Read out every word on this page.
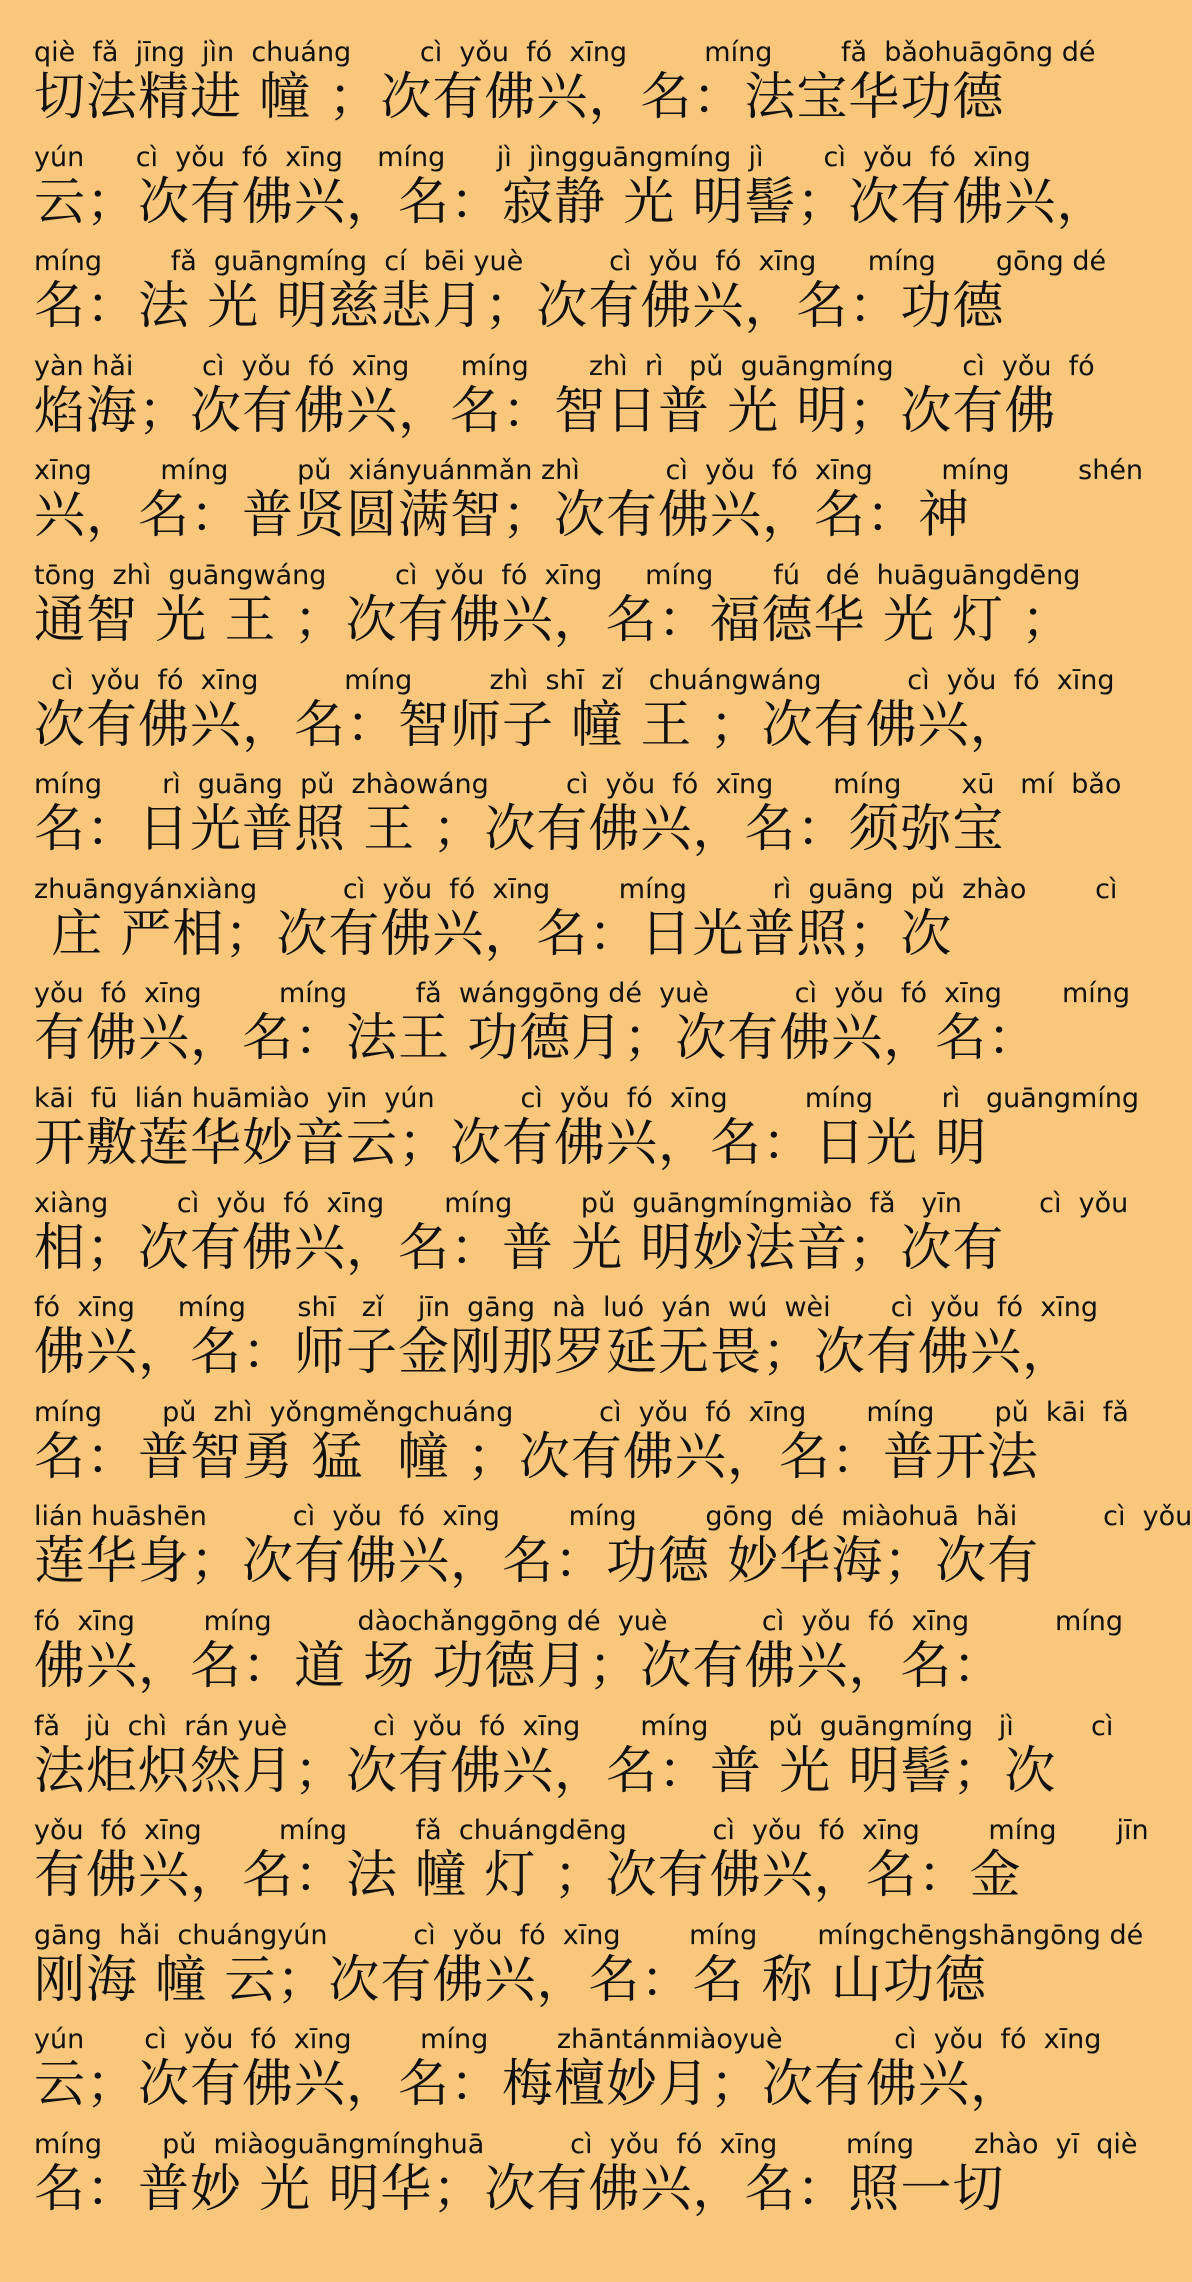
qiè  fǎ  jīng  jìn  chuáng        cì  yǒu  fó  xīng         míng        fǎ  bǎohuāgōng dé
切法精进 幢 ；次有佛兴，名：法宝华功德
yún      cì  yǒu  fó  xīng    míng      jì  jìngguāngmíng  jì       cì  yǒu  fó  xīng
云；次有佛兴，名：寂静 光 明髻；次有佛兴，
míng        fǎ  guāngmíng  cí  bēi yuè          cì  yǒu  fó  xīng      míng       gōng dé
名：法 光 明慈悲月；次有佛兴，名：功德
yàn hǎi        cì  yǒu  fó  xīng      míng       zhì  rì   pǔ  guāngmíng        cì  yǒu  fó
焰海；次有佛兴，名：智日普 光 明；次有佛
xīng        míng        pǔ  xiányuánmǎn zhì          cì  yǒu  fó  xīng        míng        shén
兴，名：普贤圆满智；次有佛兴，名：神
tōng  zhì  guāngwáng        cì  yǒu  fó  xīng     míng       fú   dé  huāguāngdēng
通智 光 王 ；次有佛兴，名：福德华 光 灯 ；
cì  yǒu  fó  xīng          míng         zhì  shī  zǐ   chuángwáng          cì  yǒu  fó  xīng
次有佛兴，名：智师子 幢 王 ；次有佛兴，
míng       rì  guāng  pǔ  zhàowáng         cì  yǒu  fó  xīng       míng       xū   mí  bǎo
名：日光普照 王 ；次有佛兴，名：须弥宝
zhuāngyánxiàng          cì  yǒu  fó  xīng        míng          rì  guāng  pǔ  zhào        cì
庄 严相；次有佛兴，名：日光普照；次
yǒu  fó  xīng         míng        fǎ  wánggōng dé  yuè          cì  yǒu  fó  xīng       míng
有佛兴，名：法王 功德月；次有佛兴，名：
kāi  fū  lián huāmiào  yīn  yún          cì  yǒu  fó  xīng         míng        rì   guāngmíng
开敷莲华妙音云；次有佛兴，名：日光 明
xiàng        cì  yǒu  fó  xīng       míng        pǔ  guāngmíngmiào  fǎ   yīn         cì  yǒu
相；次有佛兴，名：普 光 明妙法音；次有
fó  xīng     míng      shī   zǐ    jīn  gāng  nà  luó  yán  wú  wèi       cì  yǒu  fó  xīng
佛兴，名：师子金刚那罗延无畏；次有佛兴，
míng       pǔ  zhì  yǒngměngchuáng          cì  yǒu  fó  xīng       míng       pǔ  kāi  fǎ
名：普智勇 猛  幢 ；次有佛兴，名：普开法
lián huāshēn          cì  yǒu  fó  xīng        míng        gōng  dé  miàohuā  hǎi          cì  yǒu
莲华身；次有佛兴，名：功德 妙华海；次有
fó  xīng        míng          dàochǎnggōng dé  yuè           cì  yǒu  fó  xīng          míng
佛兴，名：道 场 功德月；次有佛兴，名：
fǎ   jù  chì  rán yuè          cì  yǒu  fó  xīng       míng       pǔ  guāngmíng   jì         cì
法炬炽然月；次有佛兴，名：普 光 明髻；次
yǒu  fó  xīng         míng        fǎ  chuángdēng          cì  yǒu  fó  xīng        míng       jīn
有佛兴，名：法 幢 灯 ；次有佛兴，名：金
gāng  hǎi  chuángyún          cì  yǒu  fó  xīng        míng       míngchēngshāngōng dé
刚海 幢 云；次有佛兴，名：名 称 山功德
yún       cì  yǒu  fó  xīng        míng        zhāntánmiàoyuè             cì  yǒu  fó  xīng
云；次有佛兴，名：梅檀妙月；次有佛兴，
míng       pǔ  miàoguāngmínghuā          cì  yǒu  fó  xīng        míng       zhào  yī  qiè
名：普妙 光 明华；次有佛兴，名：照一切
